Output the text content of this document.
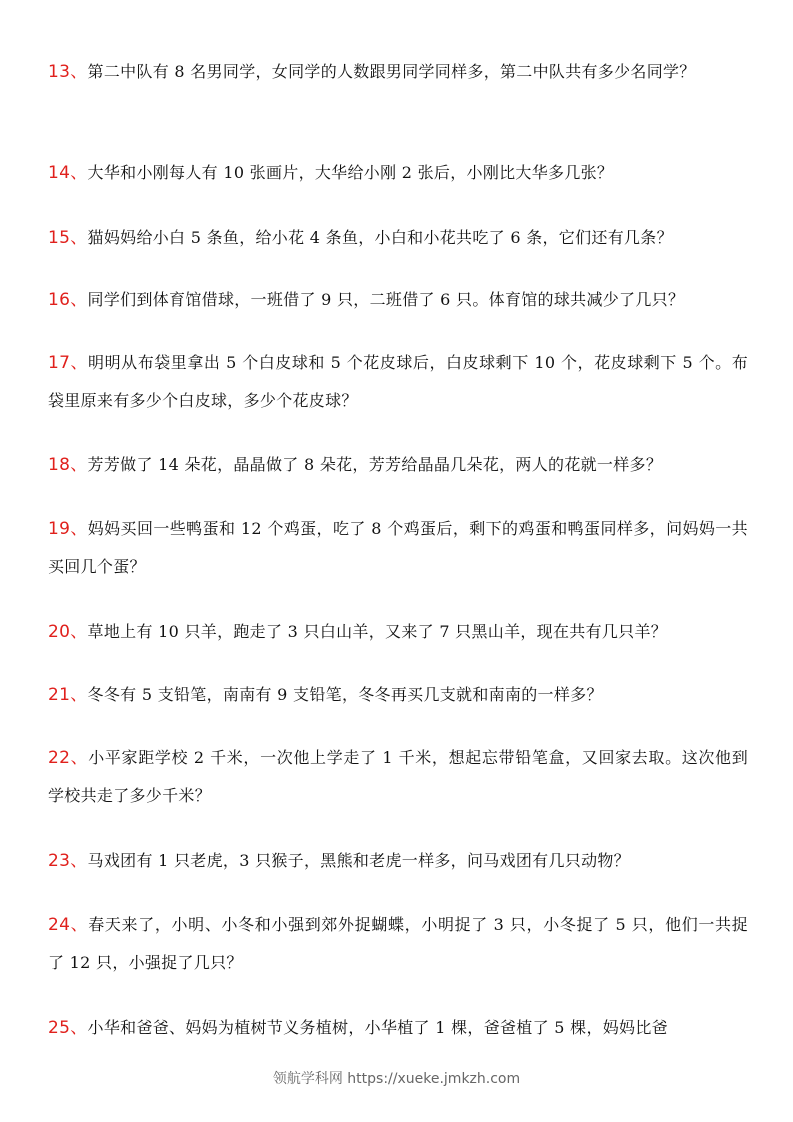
13、第二中队有 8 名男同学，女同学的人数跟男同学同样多，第二中队共有多少名同学？

14、大华和小刚每人有 10 张画片，大华给小刚 2 张后，小刚比大华多几张？

15、猫妈妈给小白 5 条鱼，给小花 4 条鱼，小白和小花共吃了 6 条，它们还有几条？

16、同学们到体育馆借球，一班借了 9 只，二班借了 6 只。体育馆的球共减少了几只？

17、明明从布袋里拿出 5 个白皮球和 5 个花皮球后，白皮球剩下 10 个，花皮球剩下 5 个。布袋里原来有多少个白皮球，多少个花皮球？

18、芳芳做了 14 朵花，晶晶做了 8 朵花，芳芳给晶晶几朵花，两人的花就一样多？

19、妈妈买回一些鸭蛋和 12 个鸡蛋，吃了 8 个鸡蛋后，剩下的鸡蛋和鸭蛋同样多，问妈妈一共买回几个蛋？

20、草地上有 10 只羊，跑走了 3 只白山羊，又来了 7 只黑山羊，现在共有几只羊？

21、冬冬有 5 支铅笔，南南有 9 支铅笔，冬冬再买几支就和南南的一样多？

22、小平家距学校 2 千米，一次他上学走了 1 千米，想起忘带铅笔盒，又回家去取。这次他到学校共走了多少千米？

23、马戏团有 1 只老虎，3 只猴子，黑熊和老虎一样多，问马戏团有几只动物？

24、春天来了，小明、小冬和小强到郊外捉蝴蝶，小明捉了 3 只，小冬捉了 5 只，他们一共捉了 12 只，小强捉了几只？

25、小华和爸爸、妈妈为植树节义务植树，小华植了 1 棵，爸爸植了 5 棵，妈妈比爸

领航学科网 https://xueke.jmkzh.com
